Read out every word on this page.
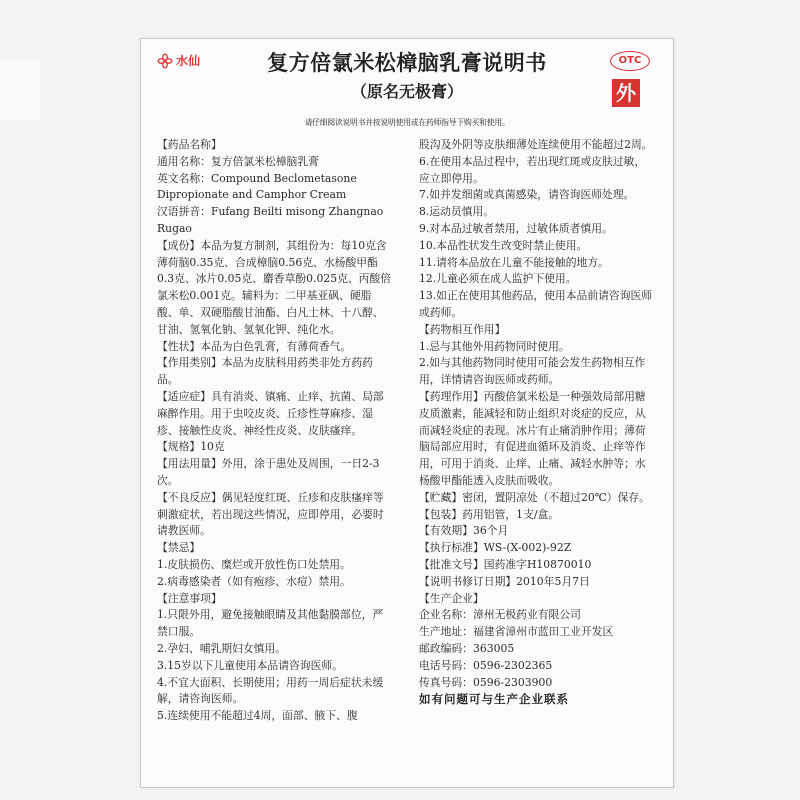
水仙	复方倍氯米松樟脑乳膏说明书
（原名无极膏）
OTC
外
请仔细阅读说明书并按说明使用或在药师指导下购买和使用。

【药品名称】

通用名称：复方倍氯米松樟脑乳膏

英文名称：Compound Beclometasone Dipropionate and Camphor Cream

汉语拼音：Fufang Beilti misong Zhangnao Rugao

【成份】本品为复方制剂，其组份为：每10克含薄荷脑0.35克、合成樟脑0.56克、水杨酸甲酯0.3克、冰片0.05克、麝香草酚0.025克、丙酸倍氯米松0.001克。辅料为：二甲基亚砜、硬脂酸、单、双硬脂酸甘油酯、白凡士林、十八醇、甘油、氢氧化钠、氢氧化钾、纯化水。

【性状】本品为白色乳膏，有薄荷香气。

【作用类别】本品为皮肤科用药类非处方药药品。

【适应症】具有消炎、镇痛、止痒、抗菌、局部麻醉作用。用于虫咬皮炎、丘疹性荨麻疹、湿疹、接触性皮炎、神经性皮炎、皮肤瘙痒。

【规格】10克

【用法用量】外用，涂于患处及周围，一日2-3次。

【不良反应】偶见轻度红斑、丘疹和皮肤瘙痒等刺激症状，若出现这些情况，应即停用，必要时请教医师。

【禁忌】

1.皮肤损伤、糜烂或开放性伤口处禁用。

2.病毒感染者（如有疱疹、水痘）禁用。

【注意事项】

1.只限外用，避免接触眼睛及其他黏膜部位，严禁口服。

2.孕妇、哺乳期妇女慎用。

3.15岁以下儿童使用本品请咨询医师。

4.不宜大面积、长期使用；用药一周后症状未缓解，请咨询医师。

5.连续使用不能超过4周，面部、腋下、腹

股沟及外阴等皮肤细薄处连续使用不能超过2周。

6.在使用本品过程中，若出现红斑或皮肤过敏，应立即停用。

7.如并发细菌或真菌感染，请咨询医师处理。

8.运动员慎用。

9.对本品过敏者禁用，过敏体质者慎用。

10.本品性状发生改变时禁止使用。

11.请将本品放在儿童不能接触的地方。

12.儿童必须在成人监护下使用。

13.如正在使用其他药品，使用本品前请咨询医师或药师。

【药物相互作用】

1.忌与其他外用药物同时使用。

2.如与其他药物同时使用可能会发生药物相互作用，详情请咨询医师或药师。

【药理作用】丙酸倍氯米松是一种强效局部用糖皮质激素，能减轻和防止组织对炎症的反应，从而减轻炎症的表现。冰片有止痛消肿作用；薄荷脑局部应用时，有促进血循环及消炎、止痒等作用，可用于消炎、止痒、止痛、减轻水肿等；水杨酸甲酯能透入皮肤而吸收。

【贮藏】密闭，置阴凉处（不超过20℃）保存。

【包装】药用铝管，1支/盒。

【有效期】36个月

【执行标准】WS-(X-002)-92Z

【批准文号】国药准字H10870010

【说明书修订日期】2010年5月7日

【生产企业】

企业名称：漳州无极药业有限公司

生产地址：福建省漳州市蓝田工业开发区

邮政编码：363005

电话号码：0596-2302365

传真号码：0596-2303900

如有问题可与生产企业联系
